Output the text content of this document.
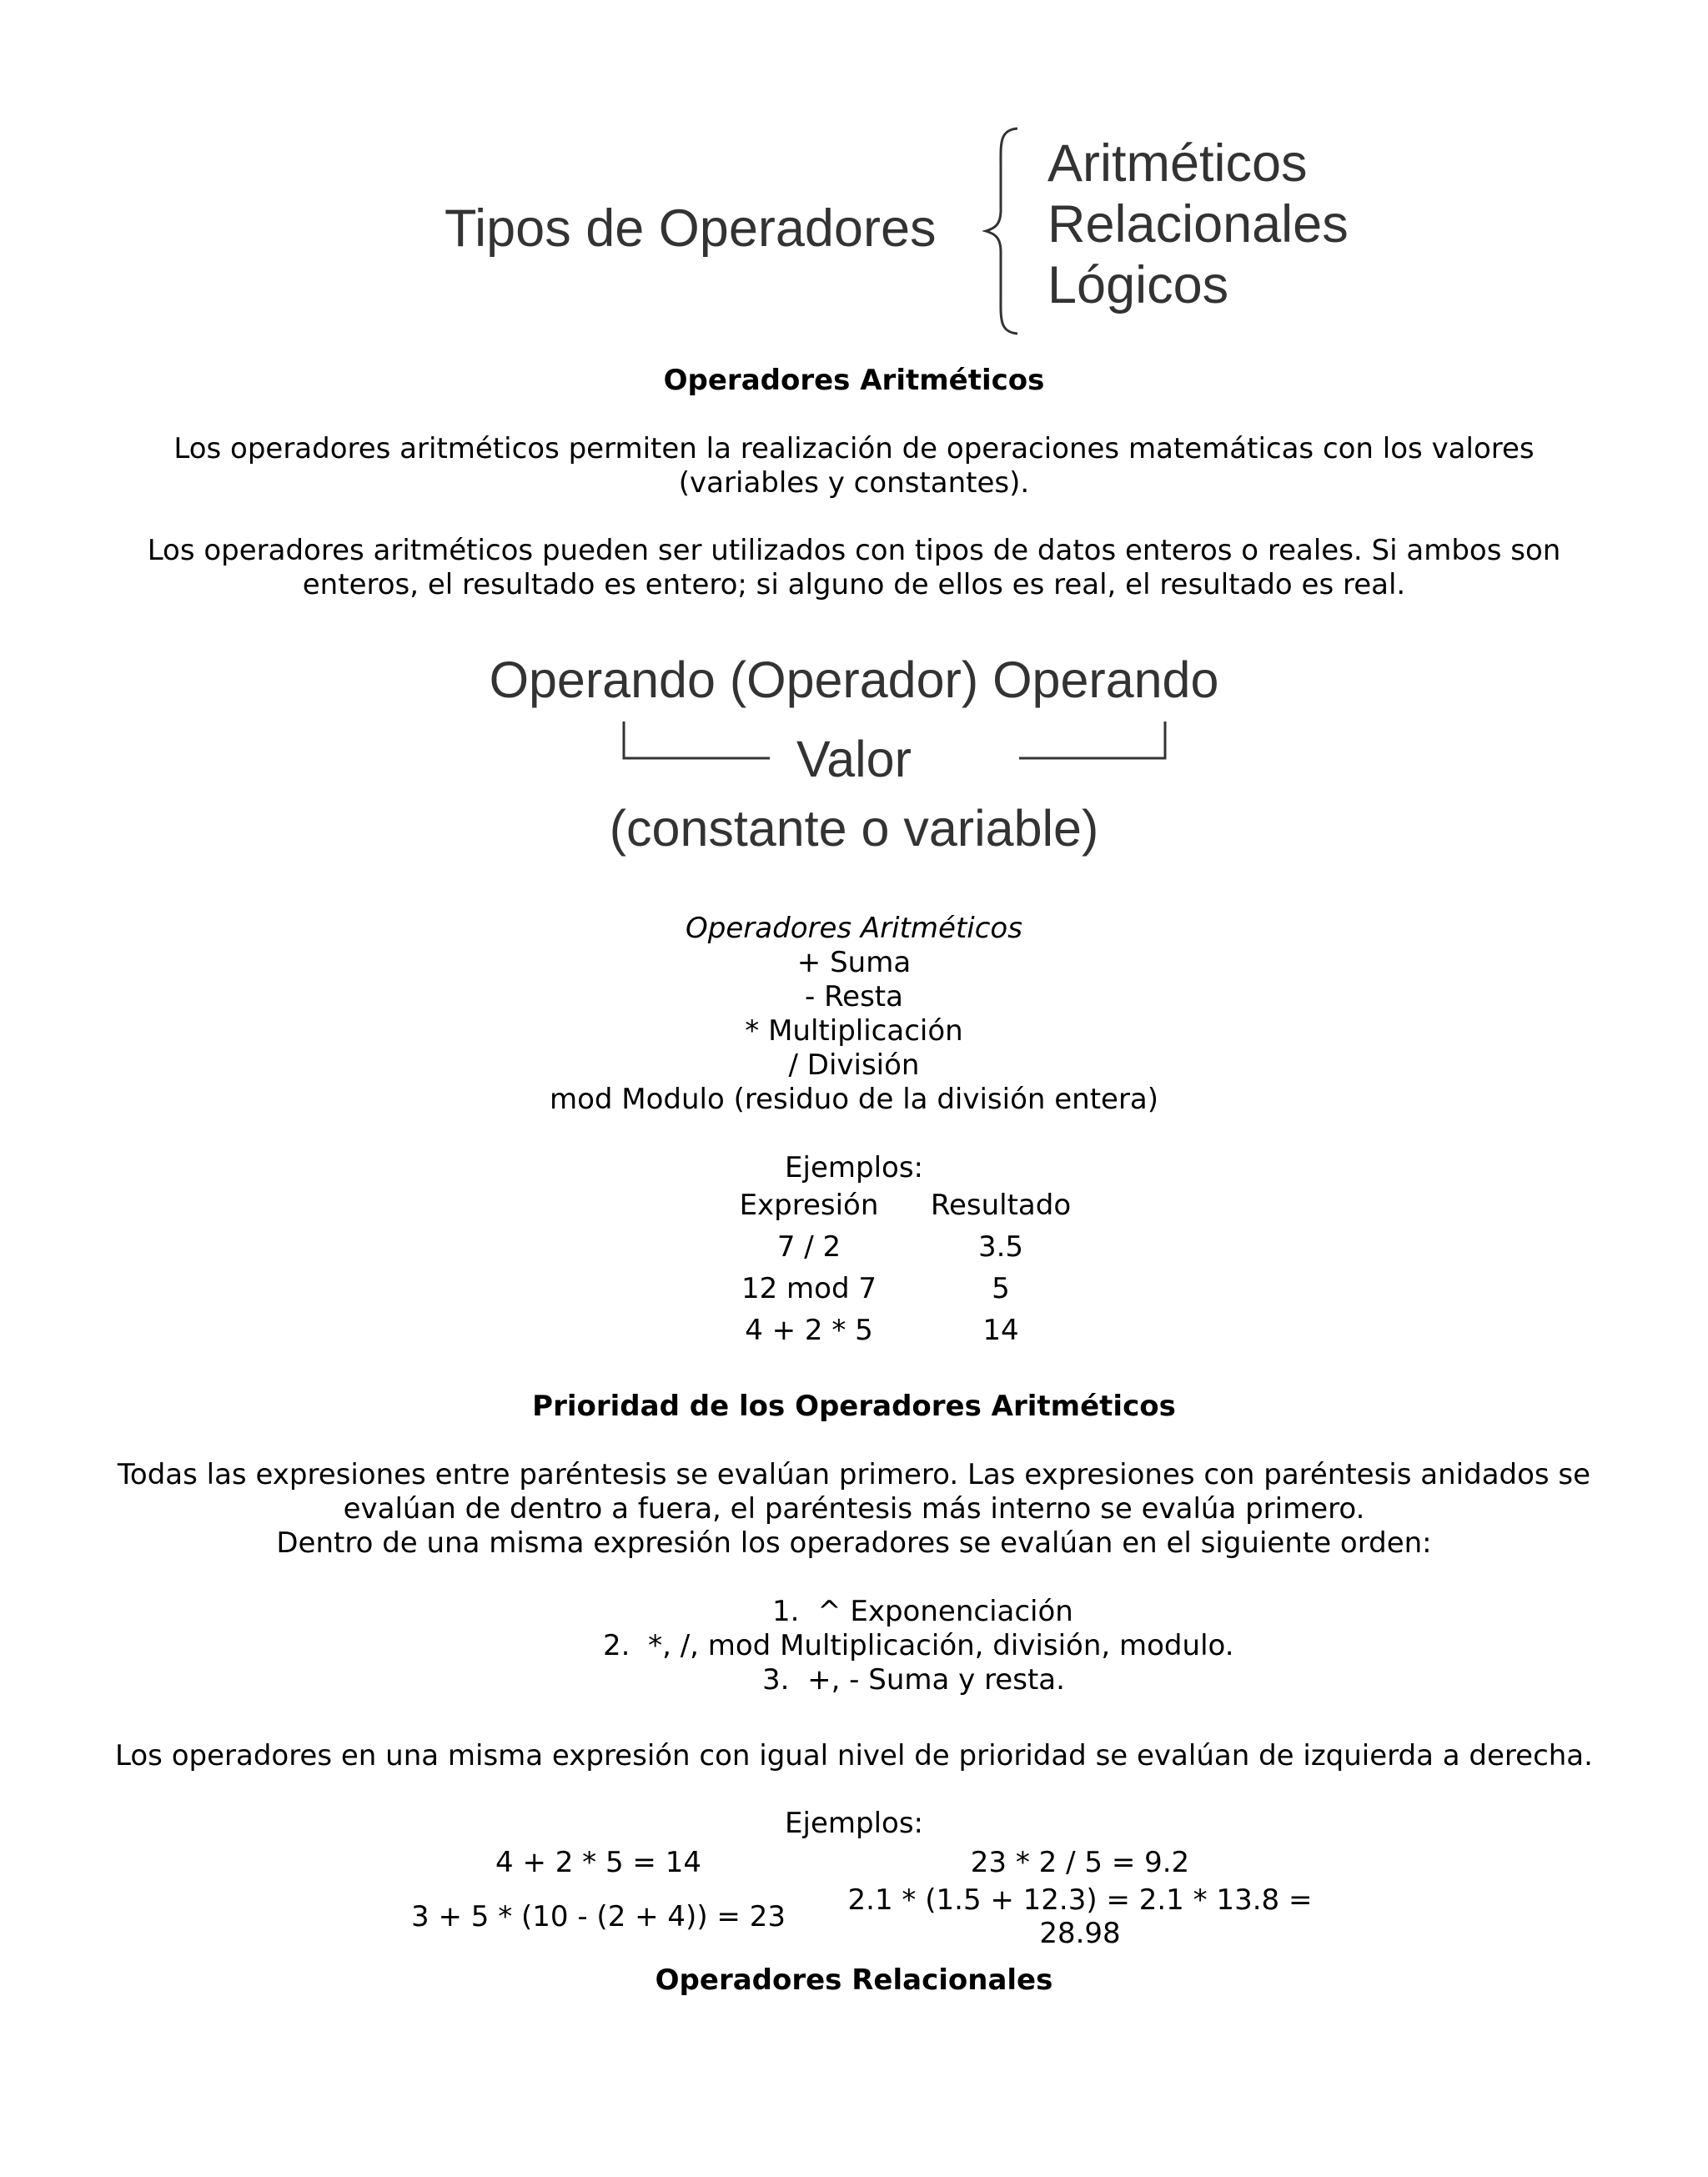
Tipos de Operadores
Aritméticos
Relacionales
Lógicos
Operadores Aritméticos
Los operadores aritméticos permiten la realización de operaciones matemáticas con los valores
(variables y constantes).
Los operadores aritméticos pueden ser utilizados con tipos de datos enteros o reales. Si ambos son
enteros, el resultado es entero; si alguno de ellos es real, el resultado es real.
Operando (Operador) Operando
Valor
(constante o variable)
Operadores Aritméticos
+ Suma
- Resta
* Multiplicación
/ División
mod Modulo (residuo de la división entera)
Ejemplos:
Expresión	Resultado
7 / 2	3.5
12 mod 7	5
4 + 2 * 5	14
Prioridad de los Operadores Aritméticos
Todas las expresiones entre paréntesis se evalúan primero. Las expresiones con paréntesis anidados se
evalúan de dentro a fuera, el paréntesis más interno se evalúa primero.
Dentro de una misma expresión los operadores se evalúan en el siguiente orden:
1. ^ Exponenciación
2. *, /, mod Multiplicación, división, modulo.
3. +, - Suma y resta.
Los operadores en una misma expresión con igual nivel de prioridad se evalúan de izquierda a derecha.
Ejemplos:
4 + 2 * 5 = 14	23 * 2 / 5 = 9.2
3 + 5 * (10 - (2 + 4)) = 23	2.1 * (1.5 + 12.3) = 2.1 * 13.8 = 28.98
Operadores Relacionales
